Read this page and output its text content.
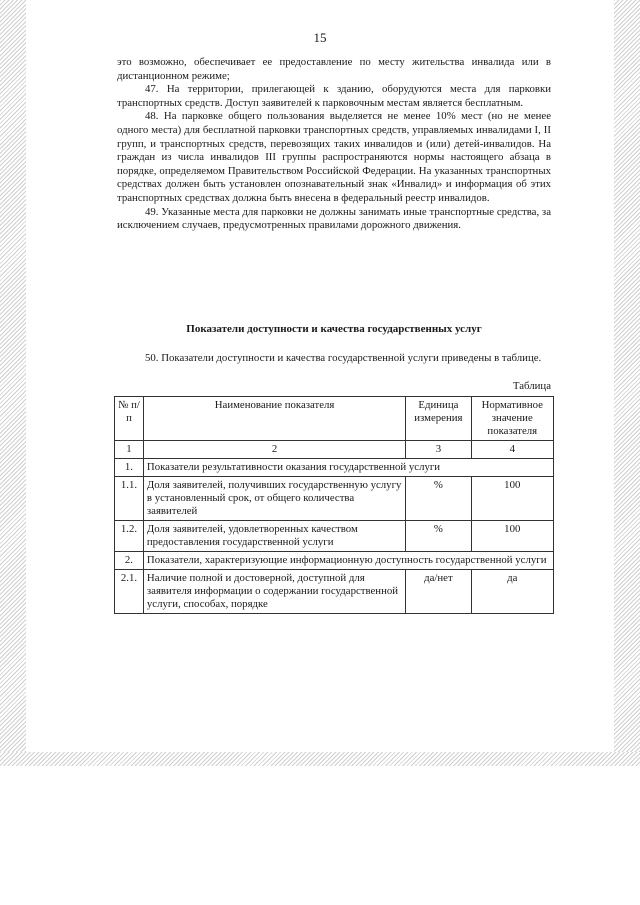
15

это возможно, обеспечивает ее предоставление по месту жительства инвалида или в дистанционном режиме;

47. На территории, прилегающей к зданию, оборудуются места для парковки транспортных средств. Доступ заявителей к парковочным местам является бесплатным.

48. На парковке общего пользования выделяется не менее 10% мест (но не менее одного места) для бесплатной парковки транспортных средств, управляемых инвалидами I, II групп, и транспортных средств, перевозящих таких инвалидов и (или) детей-инвалидов. На граждан из числа инвалидов III группы распространяются нормы настоящего абзаца в порядке, определяемом Правительством Российской Федерации. На указанных транспортных средствах должен быть установлен опознавательный знак «Инвалид» и информация об этих транспортных средствах должна быть внесена в федеральный реестр инвалидов.

49. Указанные места для парковки не должны занимать иные транспортные средства, за исключением случаев, предусмотренных правилами дорожного движения.

Показатели доступности и качества государственных услуг

50. Показатели доступности и качества государственной услуги приведены в таблице.

Таблица
№ п/п	Наименование показателя	Единица измерения	Нормативное значение показателя
1	2	3	4
1.	Показатели результативности оказания государственной услуги		
1.1.	Доля заявителей, получивших государственную услугу в установленный срок, от общего количества заявителей	%	100
1.2.	Доля заявителей, удовлетворенных качеством предоставления государственной услуги	%	100
2.	Показатели, характеризующие информационную доступность государственной услуги		
2.1.	Наличие полной и достоверной, доступной для заявителя информации о содержании государственной услуги, способах, порядке	да/нет	да
